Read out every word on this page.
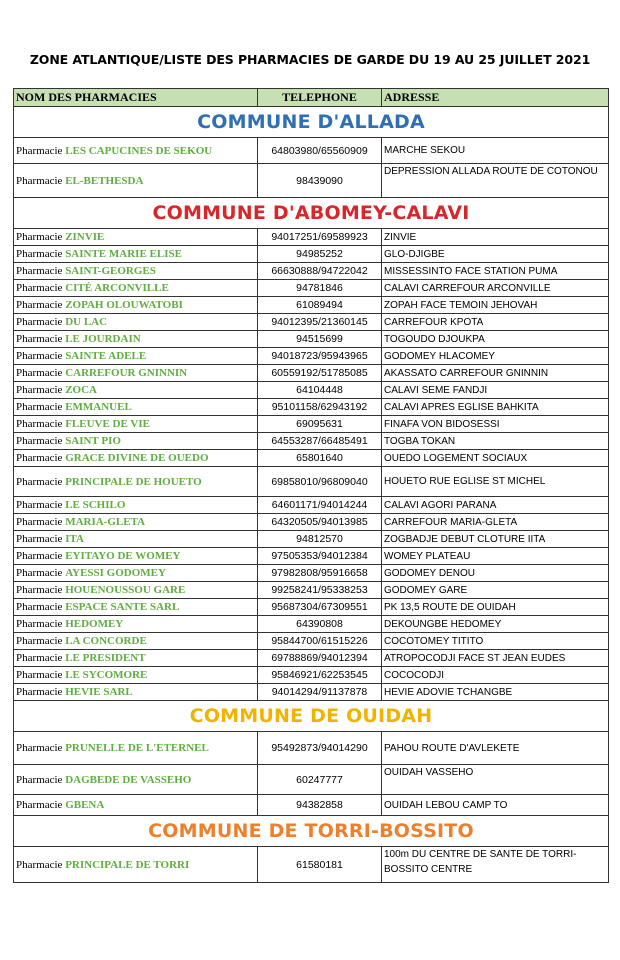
ZONE ATLANTIQUE/LISTE DES PHARMACIES DE GARDE DU 19 AU 25 JUILLET 2021
NOM DES PHARMACIES	TELEPHONE	ADRESSE
COMMUNE D'ALLADA		
Pharmacie LES CAPUCINES DE SEKOU	64803980/65560909	MARCHE SEKOU
Pharmacie EL-BETHESDA	98439090	DEPRESSION ALLADA ROUTE DE COTONOU
COMMUNE D'ABOMEY-CALAVI		
Pharmacie ZINVIE	94017251/69589923	ZINVIE
Pharmacie SAINTE MARIE ELISE	94985252	GLO-DJIGBE
Pharmacie SAINT-GEORGES	66630888/94722042	MISSESSINTO FACE STATION PUMA
Pharmacie CITÉ ARCONVILLE	94781846	CALAVI CARREFOUR ARCONVILLE
Pharmacie ZOPAH OLOUWATOBI	61089494	ZOPAH FACE TEMOIN JEHOVAH
Pharmacie DU LAC	94012395/21360145	CARREFOUR KPOTA
Pharmacie LE JOURDAIN	94515699	TOGOUDO DJOUKPA
Pharmacie SAINTE ADELE	94018723/95943965	GODOMEY HLACOMEY
Pharmacie CARREFOUR GNINNIN	60559192/51785085	AKASSATO CARREFOUR GNINNIN
Pharmacie ZOCA	64104448	CALAVI SEME FANDJI
Pharmacie EMMANUEL	95101158/62943192	CALAVI APRES EGLISE BAHKITA
Pharmacie FLEUVE DE VIE	69095631	FINAFA VON BIDOSESSI
Pharmacie SAINT PIO	64553287/66485491	TOGBA TOKAN
Pharmacie GRACE DIVINE DE OUEDO	65801640	OUEDO LOGEMENT SOCIAUX
Pharmacie PRINCIPALE DE HOUETO	69858010/96809040	HOUETO RUE EGLISE ST MICHEL
Pharmacie LE SCHILO	64601171/94014244	CALAVI AGORI PARANA
Pharmacie MARIA-GLETA	64320505/94013985	CARREFOUR MARIA-GLETA
Pharmacie ITA	94812570	ZOGBADJE DEBUT CLOTURE IITA
Pharmacie EYITAYO DE WOMEY	97505353/94012384	WOMEY PLATEAU
Pharmacie AYESSI GODOMEY	97982808/95916658	GODOMEY DENOU
Pharmacie HOUENOUSSOU GARE	99258241/95338253	GODOMEY GARE
Pharmacie ESPACE SANTE SARL	95687304/67309551	PK 13,5 ROUTE DE OUIDAH
Pharmacie HEDOMEY	64390808	DEKOUNGBE HEDOMEY
Pharmacie LA CONCORDE	95844700/61515226	COCOTOMEY TITITO
Pharmacie LE PRESIDENT	69788869/94012394	ATROPOCODJI FACE ST JEAN EUDES
Pharmacie LE SYCOMORE	95846921/62253545	COCOCODJI
Pharmacie HEVIE SARL	94014294/91137878	HEVIE ADOVIE TCHANGBE
COMMUNE DE OUIDAH		
Pharmacie PRUNELLE DE L'ETERNEL	95492873/94014290	PAHOU ROUTE D'AVLEKETE
Pharmacie DAGBEDE DE VASSEHO	60247777	OUIDAH VASSEHO
Pharmacie GBENA	94382858	OUIDAH LEBOU CAMP TO
COMMUNE DE TORRI-BOSSITO		
Pharmacie PRINCIPALE DE TORRI	61580181	100m DU CENTRE DE SANTE DE TORRI-BOSSITO CENTRE
